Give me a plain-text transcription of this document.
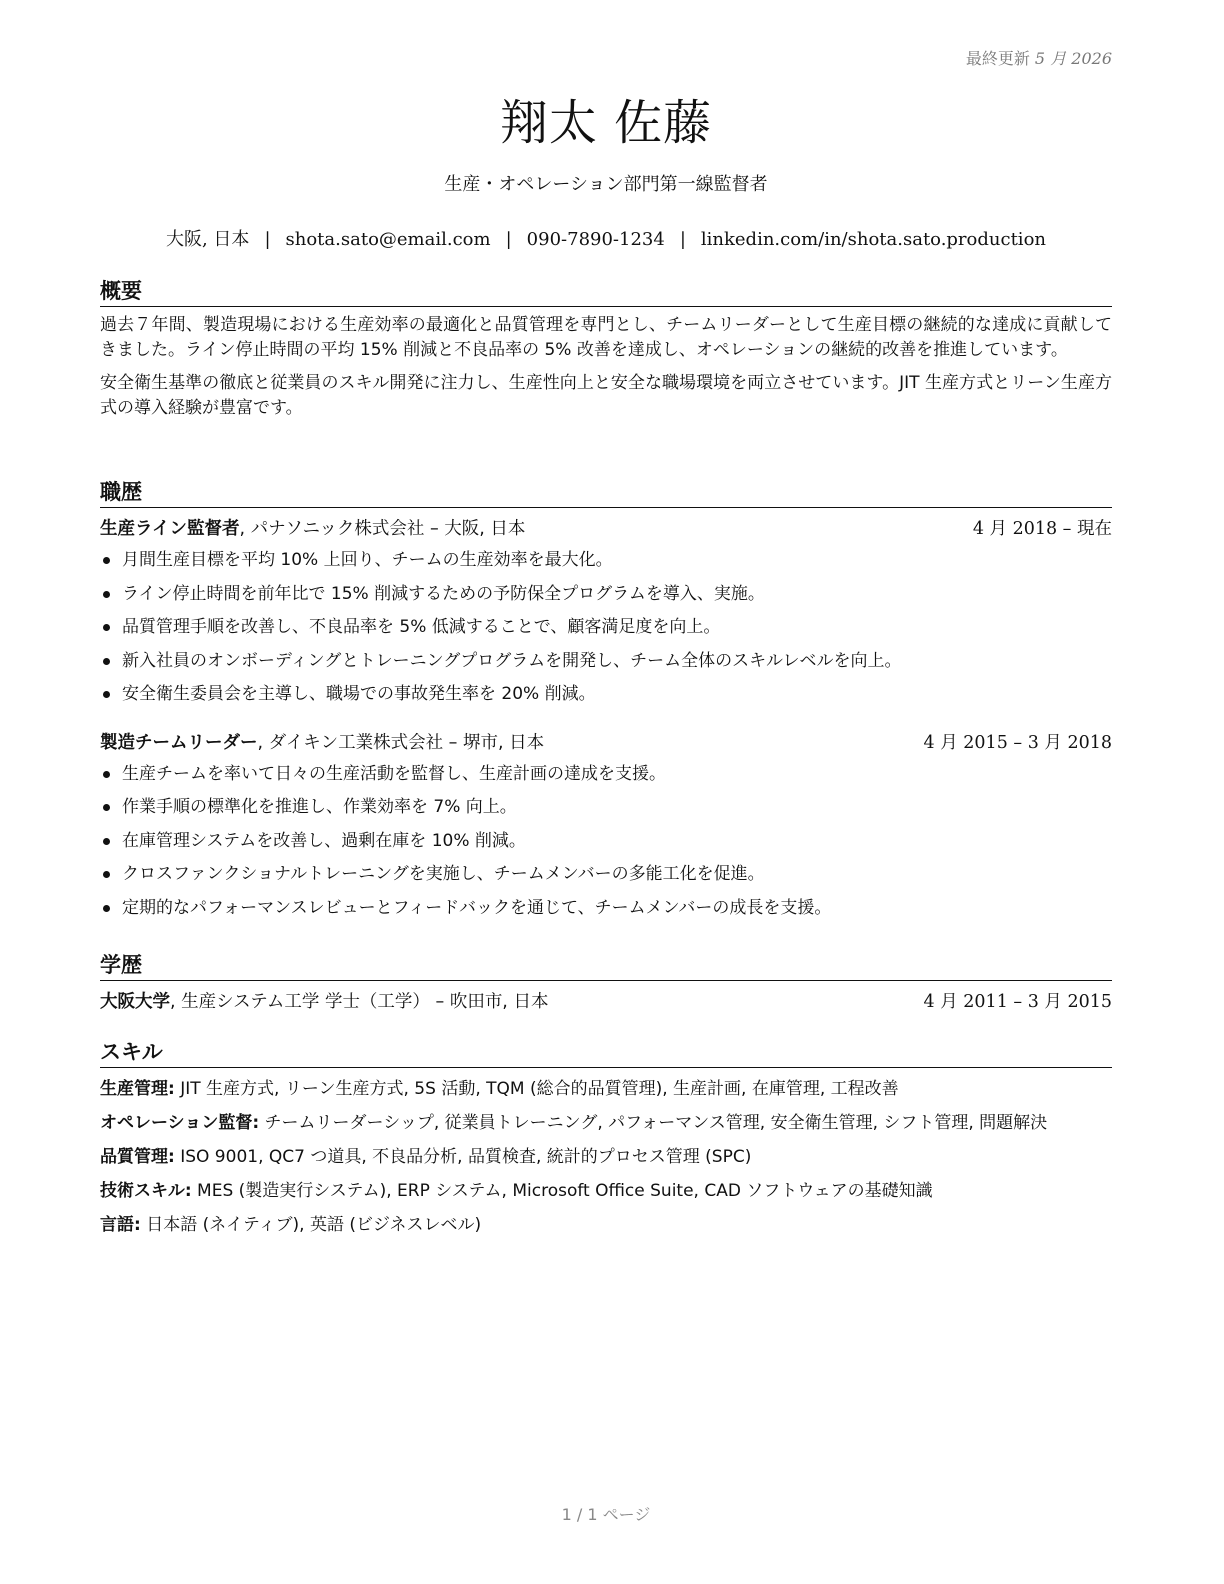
最終更新 5 月 2026
翔太 佐藤
生産・オペレーション部門第一線監督者
大阪, 日本 | shota.sato@email.com | 090-7890-1234 | linkedin.com/in/shota.sato.production
概要
過去７年間、製造現場における生産効率の最適化と品質管理を専門とし、チームリーダーとして生産目標の継続的な達成に貢献してきました。ライン停止時間の平均 15% 削減と不良品率の 5% 改善を達成し、オペレーションの継続的改善を推進しています。
安全衛生基準の徹底と従業員のスキル開発に注力し、生産性向上と安全な職場環境を両立させています。JIT 生産方式とリーン生産方式の導入経験が豊富です。
職歴
生産ライン監督者, パナソニック株式会社 – 大阪, 日本	4 月 2018 – 現在
月間生産目標を平均 10% 上回り、チームの生産効率を最大化。
ライン停止時間を前年比で 15% 削減するための予防保全プログラムを導入、実施。
品質管理手順を改善し、不良品率を 5% 低減することで、顧客満足度を向上。
新入社員のオンボーディングとトレーニングプログラムを開発し、チーム全体のスキルレベルを向上。
安全衛生委員会を主導し、職場での事故発生率を 20% 削減。
製造チームリーダー, ダイキン工業株式会社 – 堺市, 日本	4 月 2015 – 3 月 2018
生産チームを率いて日々の生産活動を監督し、生産計画の達成を支援。
作業手順の標準化を推進し、作業効率を 7% 向上。
在庫管理システムを改善し、過剰在庫を 10% 削減。
クロスファンクショナルトレーニングを実施し、チームメンバーの多能工化を促進。
定期的なパフォーマンスレビューとフィードバックを通じて、チームメンバーの成長を支援。
学歴
大阪大学, 生産システム工学 学士（工学） – 吹田市, 日本	4 月 2011 – 3 月 2015
スキル
生産管理: JIT 生産方式, リーン生産方式, 5S 活動, TQM (総合的品質管理), 生産計画, 在庫管理, 工程改善
オペレーション監督: チームリーダーシップ, 従業員トレーニング, パフォーマンス管理, 安全衛生管理, シフト管理, 問題解決
品質管理: ISO 9001, QC7 つ道具, 不良品分析, 品質検査, 統計的プロセス管理 (SPC)
技術スキル: MES (製造実行システム), ERP システム, Microsoft Office Suite, CAD ソフトウェアの基礎知識
言語: 日本語 (ネイティブ), 英語 (ビジネスレベル)
1 / 1 ページ
